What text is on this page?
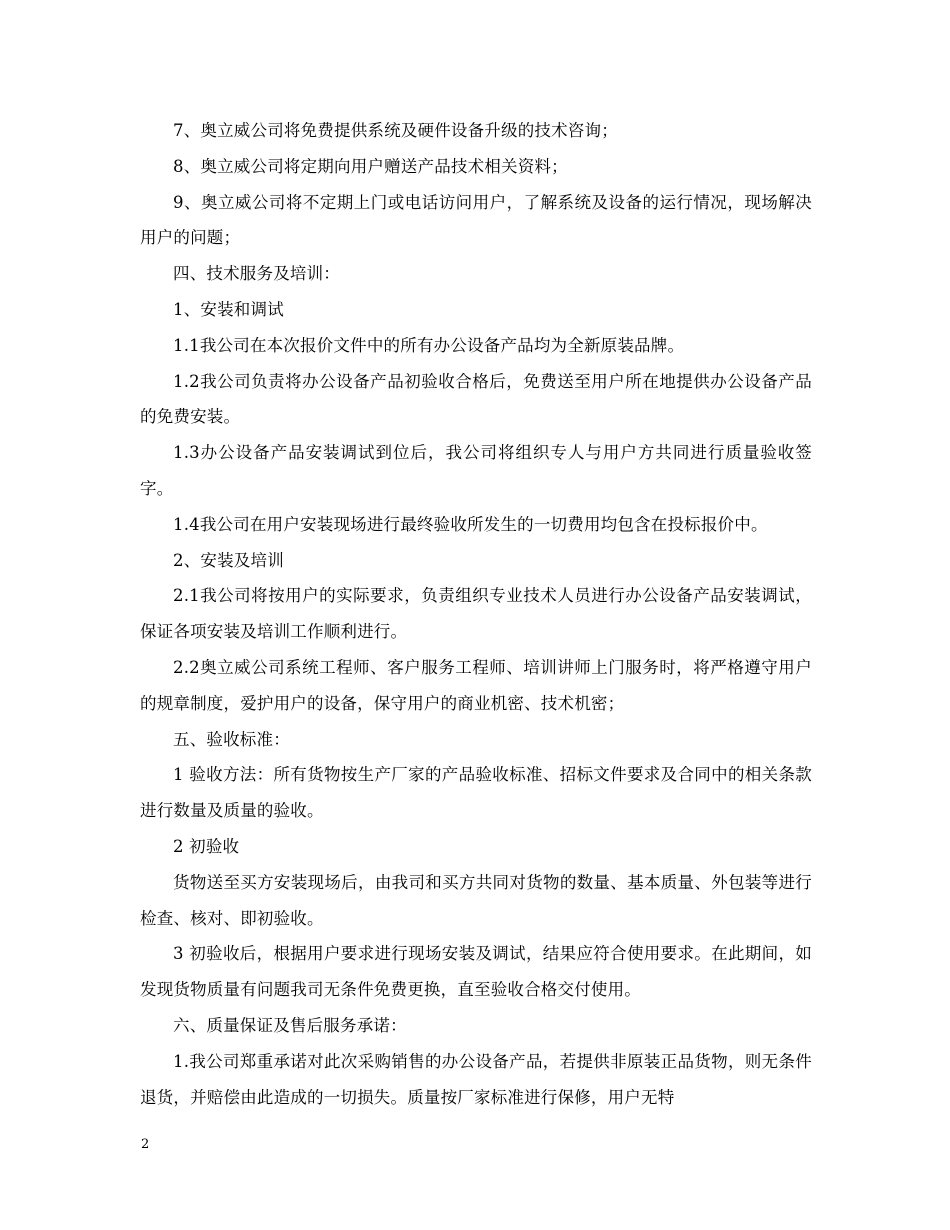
7、奥立威公司将免费提供系统及硬件设备升级的技术咨询；

8、奥立威公司将定期向用户赠送产品技术相关资料；

9、奥立威公司将不定期上门或电话访问用户，了解系统及设备的运行情况，现场解决用户的问题；

四、技术服务及培训：

1、安装和调试

1.1我公司在本次报价文件中的所有办公设备产品均为全新原装品牌。

1.2我公司负责将办公设备产品初验收合格后，免费送至用户所在地提供办公设备产品的免费安装。

1.3办公设备产品安装调试到位后，我公司将组织专人与用户方共同进行质量验收签字。

1.4我公司在用户安装现场进行最终验收所发生的一切费用均包含在投标报价中。

2、安装及培训

2.1我公司将按用户的实际要求，负责组织专业技术人员进行办公设备产品安装调试，保证各项安装及培训工作顺利进行。

2.2奥立威公司系统工程师、客户服务工程师、培训讲师上门服务时，将严格遵守用户的规章制度，爱护用户的设备，保守用户的商业机密、技术机密；

五、验收标准：

1 验收方法：所有货物按生产厂家的产品验收标准、招标文件要求及合同中的相关条款进行数量及质量的验收。

2 初验收

货物送至买方安装现场后，由我司和买方共同对货物的数量、基本质量、外包装等进行检查、核对、即初验收。

3 初验收后，根据用户要求进行现场安装及调试，结果应符合使用要求。在此期间，如发现货物质量有问题我司无条件免费更换，直至验收合格交付使用。

六、质量保证及售后服务承诺：

1.我公司郑重承诺对此次采购销售的办公设备产品，若提供非原装正品货物，则无条件退货，并赔偿由此造成的一切损失。质量按厂家标准进行保修，用户无特

2
